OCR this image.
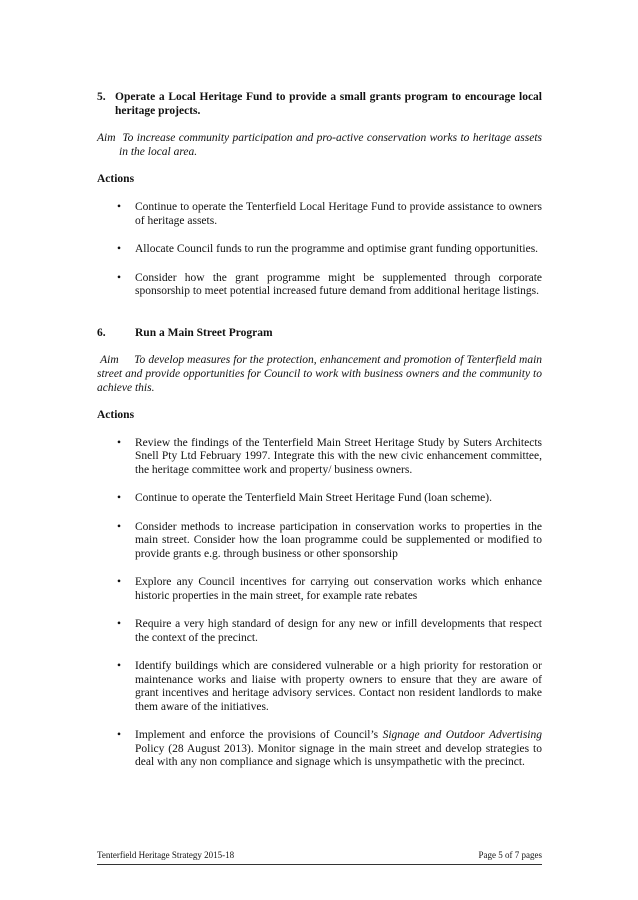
5. Operate a Local Heritage Fund to provide a small grants program to encourage local heritage projects.
Aim To increase community participation and pro-active conservation works to heritage assets in the local area.
Actions
• Continue to operate the Tenterfield Local Heritage Fund to provide assistance to owners of heritage assets.
• Allocate Council funds to run the programme and optimise grant funding opportunities.
• Consider how the grant programme might be supplemented through corporate sponsorship to meet potential increased future demand from additional heritage listings.
6.	Run a Main Street Program
Aim To develop measures for the protection, enhancement and promotion of Tenterfield main street and provide opportunities for Council to work with business owners and the community to achieve this.
Actions
• Review the findings of the Tenterfield Main Street Heritage Study by Suters Architects Snell Pty Ltd February 1997. Integrate this with the new civic enhancement committee, the heritage committee work and property/ business owners.
• Continue to operate the Tenterfield Main Street Heritage Fund (loan scheme).
• Consider methods to increase participation in conservation works to properties in the main street. Consider how the loan programme could be supplemented or modified to provide grants e.g. through business or other sponsorship
• Explore any Council incentives for carrying out conservation works which enhance historic properties in the main street, for example rate rebates
• Require a very high standard of design for any new or infill developments that respect the context of the precinct.
• Identify buildings which are considered vulnerable or a high priority for restoration or maintenance works and liaise with property owners to ensure that they are aware of grant incentives and heritage advisory services. Contact non resident landlords to make them aware of the initiatives.
• Implement and enforce the provisions of Council’s Signage and Outdoor Advertising Policy (28 August 2013). Monitor signage in the main street and develop strategies to deal with any non compliance and signage which is unsympathetic with the precinct.
Tenterfield Heritage Strategy 2015-18	Page 5 of 7 pages
